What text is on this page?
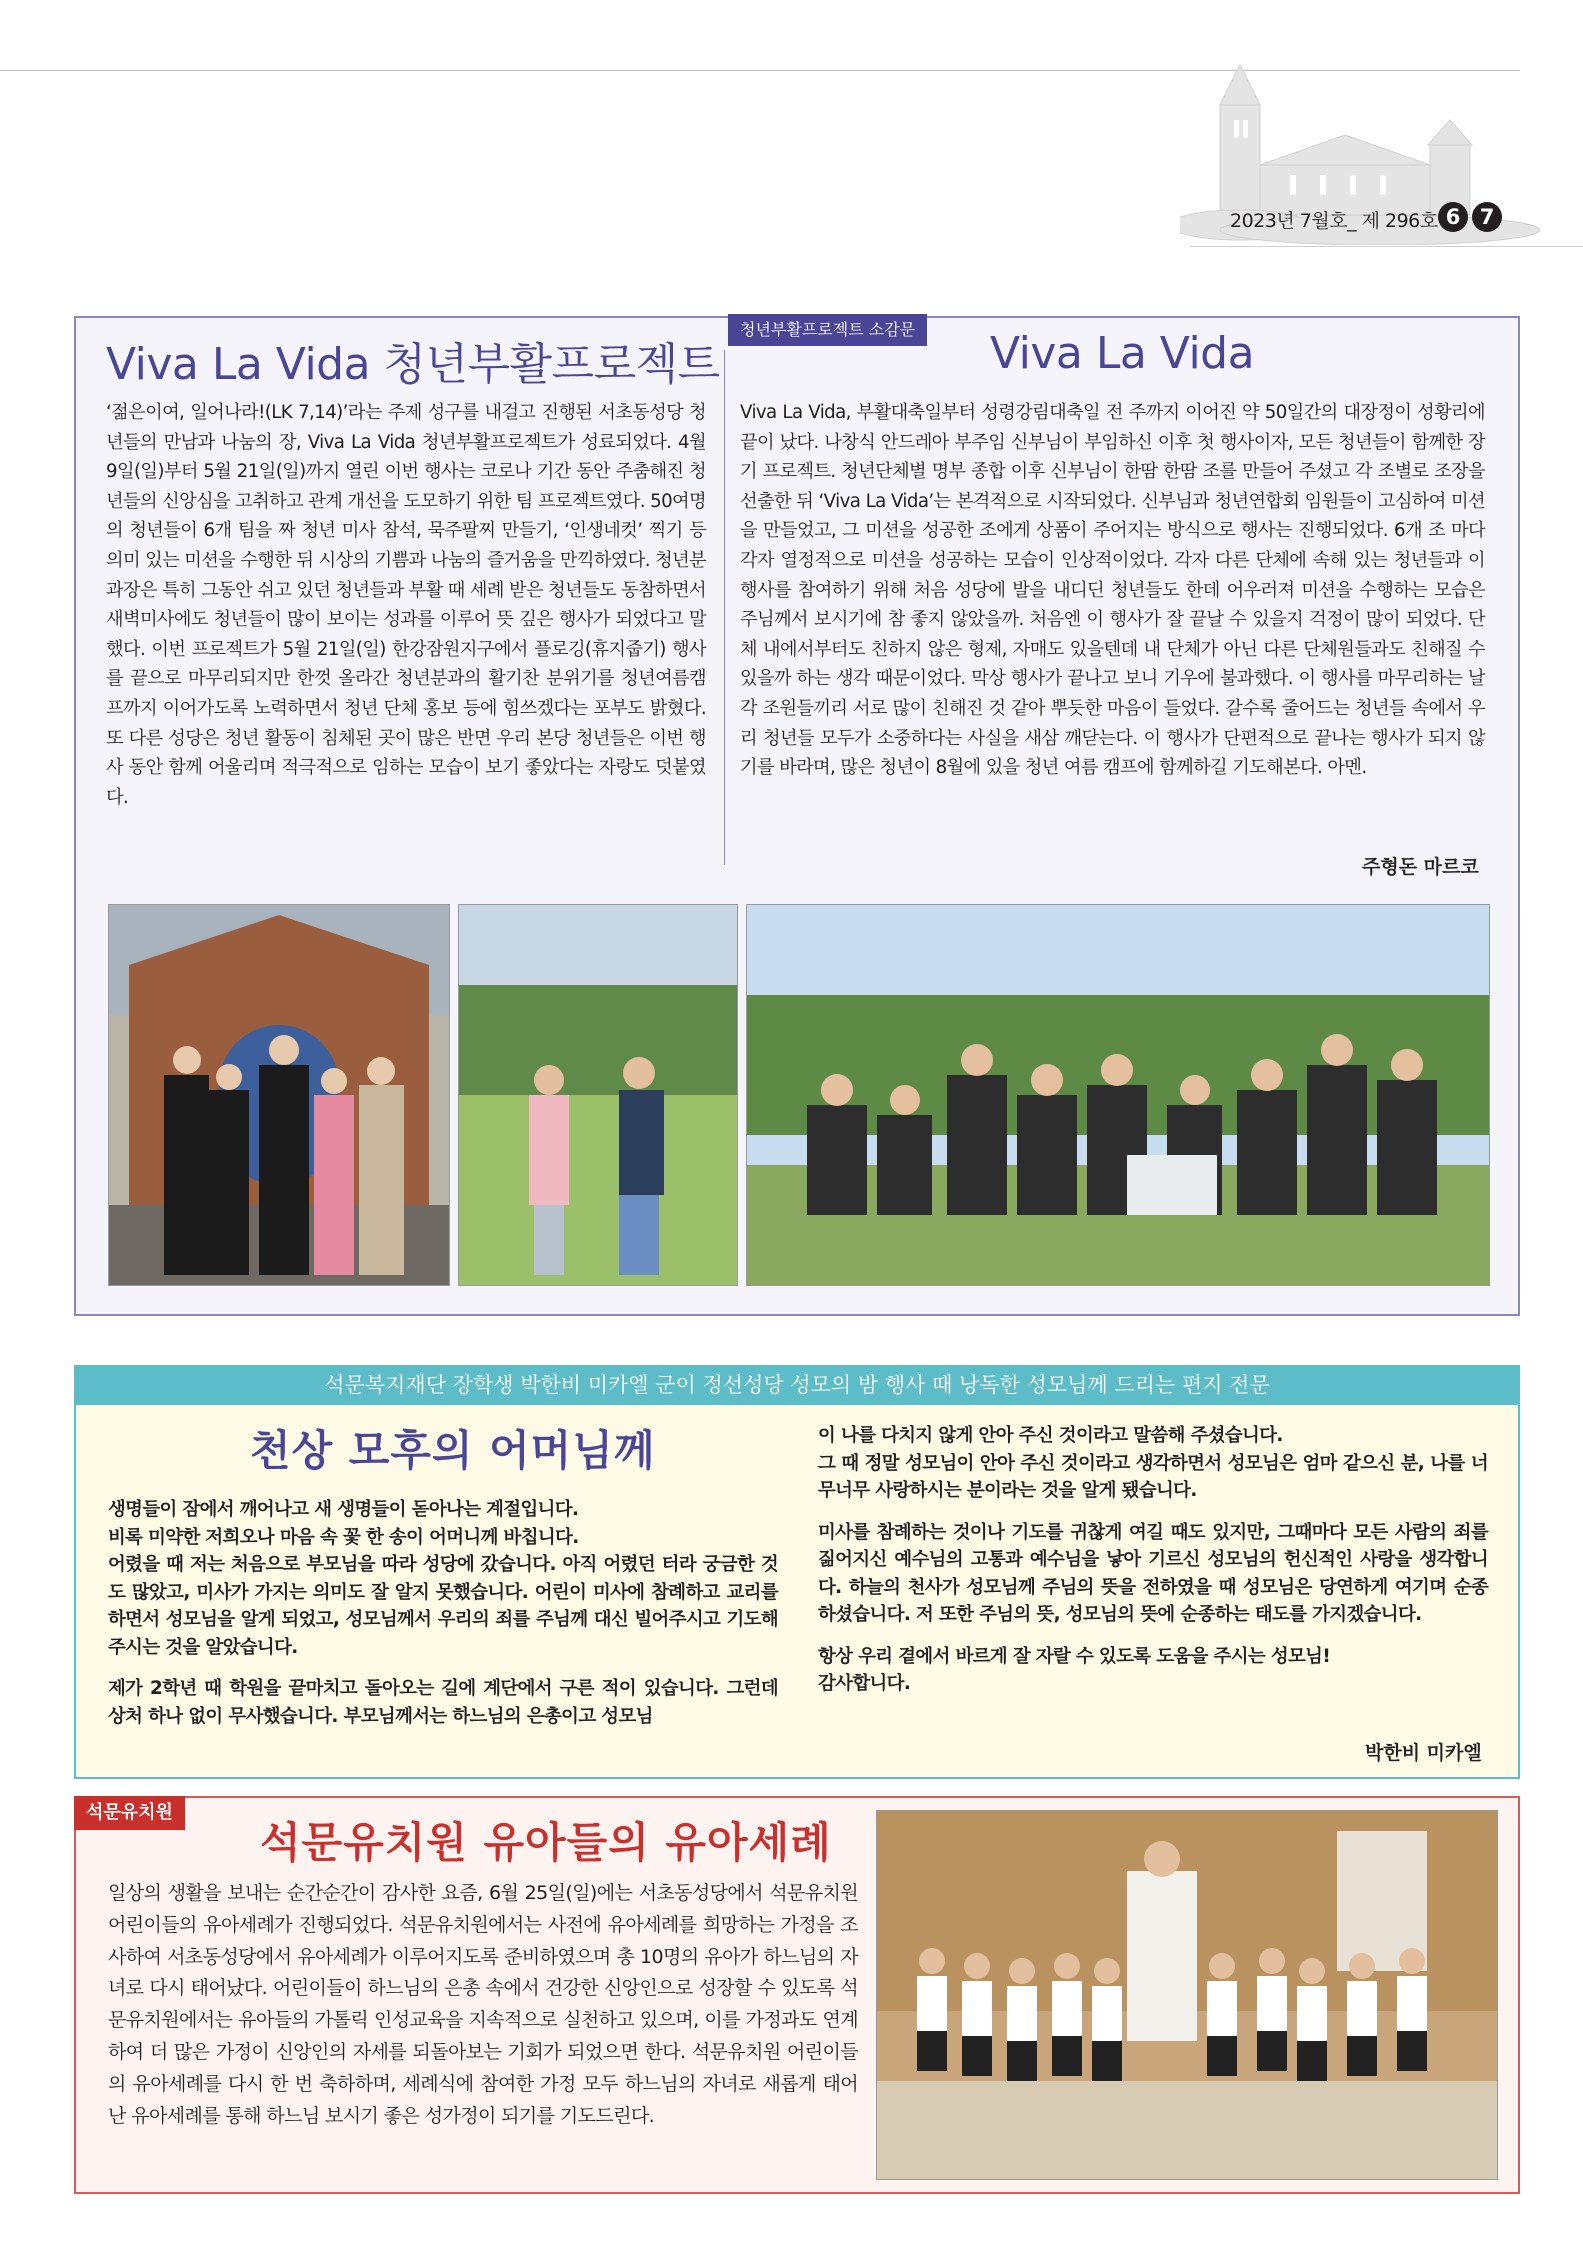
2023년 7월호_ 제 296호 6 7
청년부활프로젝트 소감문
Viva La Vida 청년부활프로젝트
‘젊은이여, 일어나라!(LK 7,14)’라는 주제 성구를 내걸고 진행된 서초동성당 청년들의 만남과 나눔의 장, Viva La Vida 청년부활프로젝트가 성료되었다. 4월 9일(일)부터 5월 21일(일)까지 열린 이번 행사는 코로나 기간 동안 주춤해진 청년들의 신앙심을 고취하고 관계 개선을 도모하기 위한 팀 프로젝트였다. 50여명의 청년들이 6개 팀을 짜 청년 미사 참석, 묵주팔찌 만들기, ‘인생네컷’ 찍기 등 의미 있는 미션을 수행한 뒤 시상의 기쁨과 나눔의 즐거움을 만끽하였다. 청년분과장은 특히 그동안 쉬고 있던 청년들과 부활 때 세례 받은 청년들도 동참하면서 새벽미사에도 청년들이 많이 보이는 성과를 이루어 뜻 깊은 행사가 되었다고 말했다. 이번 프로젝트가 5월 21일(일) 한강잠원지구에서 플로깅(휴지줍기) 행사를 끝으로 마무리되지만 한껏 올라간 청년분과의 활기찬 분위기를 청년여름캠프까지 이어가도록 노력하면서 청년 단체 홍보 등에 힘쓰겠다는 포부도 밝혔다. 또 다른 성당은 청년 활동이 침체된 곳이 많은 반면 우리 본당 청년들은 이번 행사 동안 함께 어울리며 적극적으로 임하는 모습이 보기 좋았다는 자랑도 덧붙였다.
Viva La Vida
Viva La Vida, 부활대축일부터 성령강림대축일 전 주까지 이어진 약 50일간의 대장정이 성황리에 끝이 났다. 나창식 안드레아 부주임 신부님이 부임하신 이후 첫 행사이자, 모든 청년들이 함께한 장기 프로젝트. 청년단체별 명부 종합 이후 신부님이 한땀 한땀 조를 만들어 주셨고 각 조별로 조장을 선출한 뒤 ‘Viva La Vida’는 본격적으로 시작되었다. 신부님과 청년연합회 임원들이 고심하여 미션을 만들었고, 그 미션을 성공한 조에게 상품이 주어지는 방식으로 행사는 진행되었다. 6개 조 마다 각자 열정적으로 미션을 성공하는 모습이 인상적이었다. 각자 다른 단체에 속해 있는 청년들과 이 행사를 참여하기 위해 처음 성당에 발을 내디딘 청년들도 한데 어우러져 미션을 수행하는 모습은 주님께서 보시기에 참 좋지 않았을까. 처음엔 이 행사가 잘 끝날 수 있을지 걱정이 많이 되었다. 단체 내에서부터도 친하지 않은 형제, 자매도 있을텐데 내 단체가 아닌 다른 단체원들과도 친해질 수 있을까 하는 생각 때문이었다. 막상 행사가 끝나고 보니 기우에 불과했다. 이 행사를 마무리하는 날 각 조원들끼리 서로 많이 친해진 것 같아 뿌듯한 마음이 들었다. 갈수록 줄어드는 청년들 속에서 우리 청년들 모두가 소중하다는 사실을 새삼 깨닫는다. 이 행사가 단편적으로 끝나는 행사가 되지 않기를 바라며, 많은 청년이 8월에 있을 청년 여름 캠프에 함께하길 기도해본다. 아멘.
주형돈 마르코
석문복지재단 장학생 박한비 미카엘 군이 정선성당 성모의 밤 행사 때 낭독한 성모님께 드리는 편지 전문
천상 모후의 어머님께

생명들이 잠에서 깨어나고 새 생명들이 돋아나는 계절입니다.
비록 미약한 저희오나 마음 속 꽃 한 송이 어머니께 바칩니다.
어렸을 때 저는 처음으로 부모님을 따라 성당에 갔습니다. 아직 어렸던 터라 궁금한 것도 많았고, 미사가 가지는 의미도 잘 알지 못했습니다. 어린이 미사에 참례하고 교리를 하면서 성모님을 알게 되었고, 성모님께서 우리의 죄를 주님께 대신 빌어주시고 기도해 주시는 것을 알았습니다.

제가 2학년 때 학원을 끝마치고 돌아오는 길에 계단에서 구른 적이 있습니다. 그런데 상처 하나 없이 무사했습니다. 부모님께서는 하느님의 은총이고 성모님

이 나를 다치지 않게 안아 주신 것이라고 말씀해 주셨습니다.
그 때 정말 성모님이 안아 주신 것이라고 생각하면서 성모님은 엄마 같으신 분, 나를 너무너무 사랑하시는 분이라는 것을 알게 됐습니다.

미사를 참례하는 것이나 기도를 귀찮게 여길 때도 있지만, 그때마다 모든 사람의 죄를 짊어지신 예수님의 고통과 예수님을 낳아 기르신 성모님의 헌신적인 사랑을 생각합니다. 하늘의 천사가 성모님께 주님의 뜻을 전하였을 때 성모님은 당연하게 여기며 순종하셨습니다. 저 또한 주님의 뜻, 성모님의 뜻에 순종하는 태도를 가지겠습니다.

항상 우리 곁에서 바르게 잘 자랄 수 있도록 도움을 주시는 성모님!
감사합니다.

박한비 미카엘
석문유치원
석문유치원 유아들의 유아세례
일상의 생활을 보내는 순간순간이 감사한 요즘, 6월 25일(일)에는 서초동성당에서 석문유치원 어린이들의 유아세례가 진행되었다. 석문유치원에서는 사전에 유아세례를 희망하는 가정을 조사하여 서초동성당에서 유아세례가 이루어지도록 준비하였으며 총 10명의 유아가 하느님의 자녀로 다시 태어났다. 어린이들이 하느님의 은총 속에서 건강한 신앙인으로 성장할 수 있도록 석문유치원에서는 유아들의 가톨릭 인성교육을 지속적으로 실천하고 있으며, 이를 가정과도 연계하여 더 많은 가정이 신앙인의 자세를 되돌아보는 기회가 되었으면 한다. 석문유치원 어린이들의 유아세례를 다시 한 번 축하하며, 세례식에 참여한 가정 모두 하느님의 자녀로 새롭게 태어난 유아세례를 통해 하느님 보시기 좋은 성가정이 되기를 기도드린다.
